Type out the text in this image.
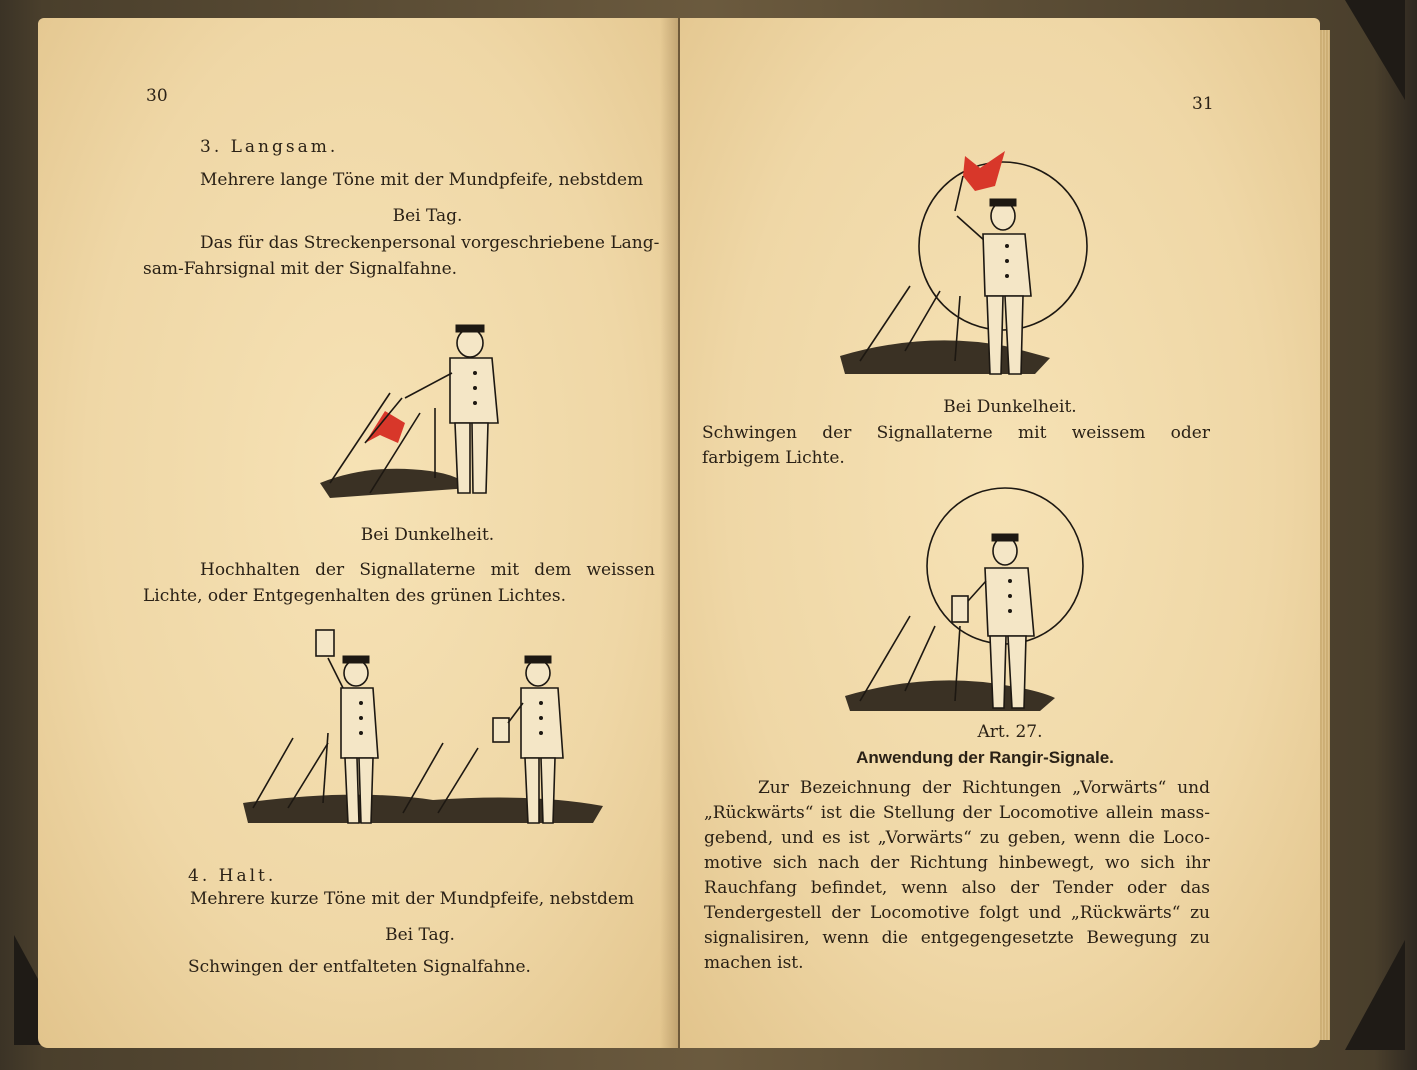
30
3. Langsam.
Mehrere lange Töne mit der Mundpfeife, nebstdem
Bei Tag.
Das für das Streckenpersonal vorgeschriebene Lang-
sam-Fahrsignal mit der Signalfahne.
Bei Dunkelheit.
Hochhalten der Signallaterne mit dem weissen
Lichte, oder Entgegenhalten des grünen Lichtes.
4. Halt.
Mehrere kurze Töne mit der Mundpfeife, nebstdem
Bei Tag.
Schwingen der entfalteten Signalfahne.
31
Bei Dunkelheit.
Schwingen der Signallaterne mit weissem oder
farbigem Lichte.
Art. 27.
Anwendung der Rangir-Signale.
Zur Bezeichnung der Richtungen „Vorwärts“ und
„Rückwärts“ ist die Stellung der Locomotive allein mass-
gebend, und es ist „Vorwärts“ zu geben, wenn die Loco-
motive sich nach der Richtung hinbewegt, wo sich ihr
Rauchfang befindet, wenn also der Tender oder das
Tendergestell der Locomotive folgt und „Rückwärts“ zu
signalisiren, wenn die entgegengesetzte Bewegung zu
machen ist.
